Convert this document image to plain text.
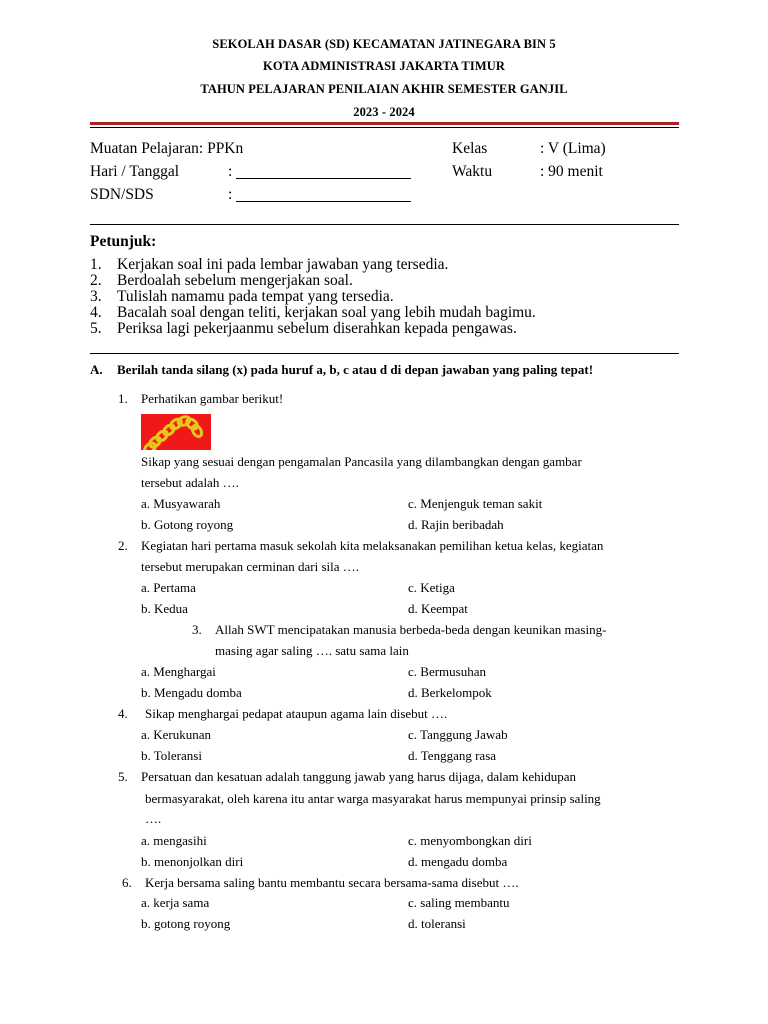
SEKOLAH DASAR (SD) KECAMATAN JATINEGARA BIN 5
KOTA ADMINISTRASI JAKARTA TIMUR
TAHUN PELAJARAN PENILAIAN AKHIR SEMESTER GANJIL
2023 - 2024
Muatan Pelajaran: PPKn
Hari / Tanggal	:
SDN/SDS	:
Kelas	: V (Lima)
Waktu	: 90 menit
Petunjuk:
1. Kerjakan soal ini pada lembar jawaban yang tersedia.
2. Berdoalah sebelum mengerjakan soal.
3. Tulislah namamu pada tempat yang tersedia.
4. Bacalah soal dengan teliti, kerjakan soal yang lebih mudah bagimu.
5. Periksa lagi pekerjaanmu sebelum diserahkan kepada pengawas.
A. Berilah tanda silang (x) pada huruf a, b, c atau d di depan jawaban yang paling tepat!
1. Perhatikan gambar berikut!
Sikap yang sesuai dengan pengamalan Pancasila yang dilambangkan dengan gambar
tersebut adalah ….
a. Musyawarah	c. Menjenguk teman sakit
b. Gotong royong	d. Rajin beribadah
2. Kegiatan hari pertama masuk sekolah kita melaksanakan pemilihan ketua kelas, kegiatan
tersebut merupakan cerminan dari sila ….
a. Pertama	c. Ketiga
b. Kedua	d. Keempat
3. Allah SWT mencipatakan manusia berbeda-beda dengan keunikan masing-
masing agar saling …. satu sama lain
a. Menghargai	c. Bermusuhan
b. Mengadu domba	d. Berkelompok
4. Sikap menghargai pedapat ataupun agama lain disebut ….
a. Kerukunan	c. Tanggung Jawab
b. Toleransi	d. Tenggang rasa
5. Persatuan dan kesatuan adalah tanggung jawab yang harus dijaga, dalam kehidupan
bermasyarakat, oleh karena itu antar warga masyarakat harus mempunyai prinsip saling
….
a. mengasihi	c. menyombongkan diri
b. menonjolkan diri	d. mengadu domba
6. Kerja bersama saling bantu membantu secara bersama-sama disebut ….
a. kerja sama	c. saling membantu
b. gotong royong	d. toleransi
